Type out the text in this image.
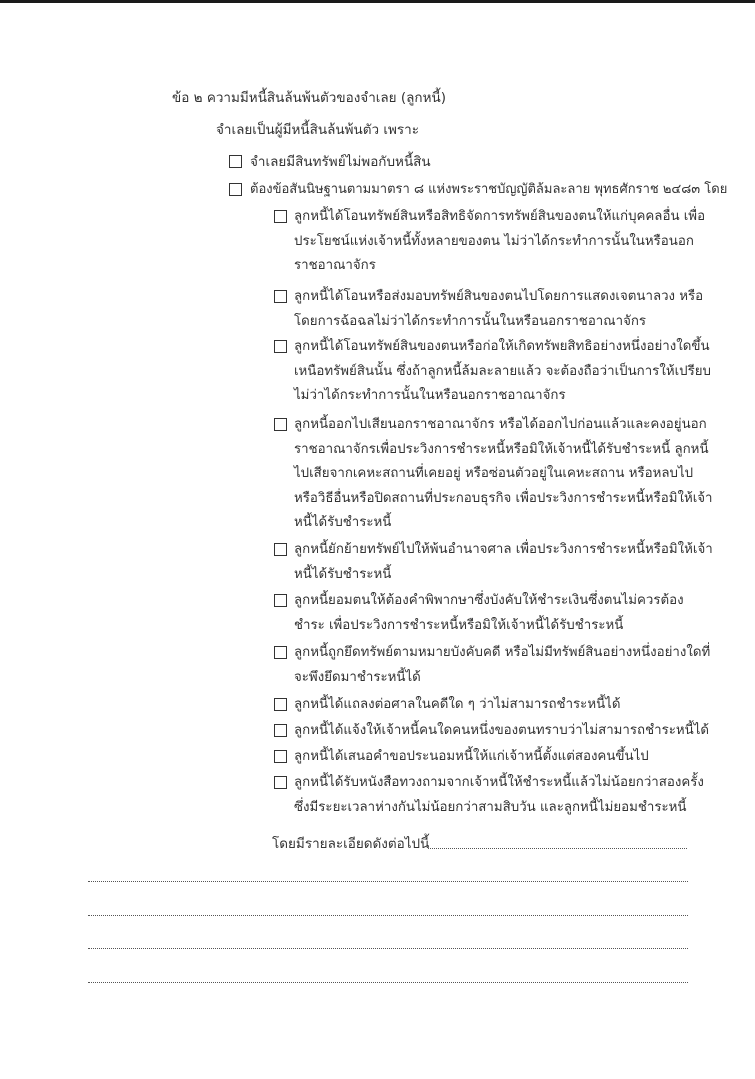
ข้อ ๒ ความมีหนี้สินล้นพ้นตัวของจำเลย (ลูกหนี้)
จำเลยเป็นผู้มีหนี้สินล้นพ้นตัว เพราะ
จำเลยมีสินทรัพย์ไม่พอกับหนี้สิน
ต้องข้อสันนิษฐานตามมาตรา ๘ แห่งพระราชบัญญัติล้มละลาย พุทธศักราช ๒๔๘๓ โดย
ลูกหนี้ได้โอนทรัพย์สินหรือสิทธิจัดการทรัพย์สินของตนให้แก่บุคคลอื่น เพื่อประโยชน์แห่งเจ้าหนี้ทั้งหลายของตน ไม่ว่าได้กระทำการนั้นในหรือนอกราชอาณาจักร
ลูกหนี้ได้โอนหรือส่งมอบทรัพย์สินของตนไปโดยการแสดงเจตนาลวง หรือโดยการฉ้อฉลไม่ว่าได้กระทำการนั้นในหรือนอกราชอาณาจักร
ลูกหนี้ได้โอนทรัพย์สินของตนหรือก่อให้เกิดทรัพยสิทธิอย่างหนึ่งอย่างใดขึ้นเหนือทรัพย์สินนั้น ซึ่งถ้าลูกหนี้ล้มละลายแล้ว จะต้องถือว่าเป็นการให้เปรียบ ไม่ว่าได้กระทำการนั้นในหรือนอกราชอาณาจักร
ลูกหนี้ออกไปเสียนอกราชอาณาจักร หรือได้ออกไปก่อนแล้วและคงอยู่นอกราชอาณาจักรเพื่อประวิงการชำระหนี้หรือมิให้เจ้าหนี้ได้รับชำระหนี้ ลูกหนี้ไปเสียจากเคหะสถานที่เคยอยู่ หรือซ่อนตัวอยู่ในเคหะสถาน หรือหลบไปหรือวิธีอื่นหรือปิดสถานที่ประกอบธุรกิจ เพื่อประวิงการชำระหนี้หรือมิให้เจ้าหนี้ได้รับชำระหนี้
ลูกหนี้ยักย้ายทรัพย์ไปให้พ้นอำนาจศาล เพื่อประวิงการชำระหนี้หรือมิให้เจ้าหนี้ได้รับชำระหนี้
ลูกหนี้ยอมตนให้ต้องคำพิพากษาซึ่งบังคับให้ชำระเงินซึ่งตนไม่ควรต้องชำระ เพื่อประวิงการชำระหนี้หรือมิให้เจ้าหนี้ได้รับชำระหนี้
ลูกหนี้ถูกยึดทรัพย์ตามหมายบังคับคดี หรือไม่มีทรัพย์สินอย่างหนึ่งอย่างใดที่จะพึงยึดมาชำระหนี้ได้
ลูกหนี้ได้แถลงต่อศาลในคดีใด ๆ ว่าไม่สามารถชำระหนี้ได้
ลูกหนี้ได้แจ้งให้เจ้าหนี้คนใดคนหนึ่งของตนทราบว่าไม่สามารถชำระหนี้ได้
ลูกหนี้ได้เสนอคำขอประนอมหนี้ให้แก่เจ้าหนี้ตั้งแต่สองคนขึ้นไป
ลูกหนี้ได้รับหนังสือทวงถามจากเจ้าหนี้ให้ชำระหนี้แล้วไม่น้อยกว่าสองครั้ง ซึ่งมีระยะเวลาห่างกันไม่น้อยกว่าสามสิบวัน และลูกหนี้ไม่ยอมชำระหนี้
โดยมีรายละเอียดดังต่อไปนี้
